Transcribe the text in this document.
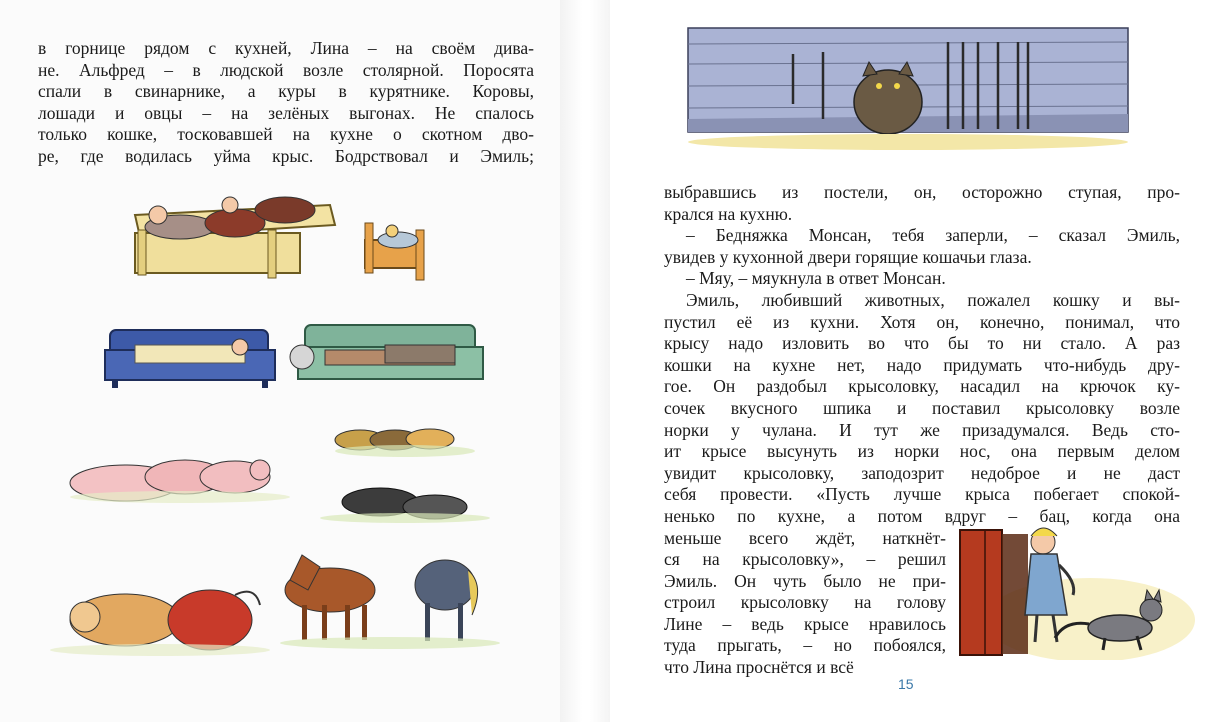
в горнице рядом с кухней, Лина – на своём дива-
не. Альфред – в людской возле столярной. Поросята
спали в свинарнике, а куры в курятнике. Коровы,
лошади и овцы – на зелёных выгонах. Не спалось
только кошке, тосковавшей на кухне о скотном дво-
ре, где водилась уйма крыс. Бодрствовал и Эмиль;
выбравшись из постели, он, осторожно ступая, про-
крался на кухню.
– Бедняжка Монсан, тебя заперли, – сказал Эмиль,
увидев у кухонной двери горящие кошачьи глаза.
– Мяу, – мяукнула в ответ Монсан.
Эмиль, любивший животных, пожалел кошку и вы-
пустил её из кухни. Хотя он, конечно, понимал, что
крысу надо изловить во что бы то ни стало. А раз
кошки на кухне нет, надо придумать что-нибудь дру-
гое. Он раздобыл крысоловку, насадил на крючок ку-
сочек вкусного шпика и поставил крысоловку возле
норки у чулана. И тут же призадумался. Ведь сто-
ит крысе высунуть из норки нос, она первым делом
увидит крысоловку, заподозрит недоброе и не даст
себя провести. «Пусть лучше крыса побегает спокой-
ненько по кухне, а потом вдруг – бац, когда она
меньше всего ждёт, наткнёт-
ся на крысоловку», – решил
Эмиль. Он чуть было не при-
строил крысоловку на голову
Лине – ведь крысе нравилось
туда прыгать, – но побоялся,
что Лина проснётся и всё
15
